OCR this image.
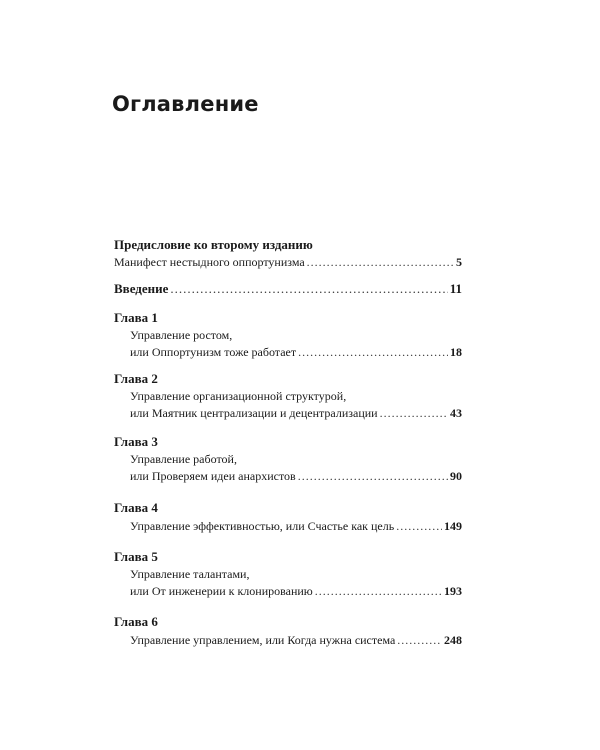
Оглавление
Предисловие ко второму изданию
Манифест нестыдного оппортунизма .....	5
Введение .....	11
Глава 1
Управление ростом,
или Оппортунизм тоже работает .....	18
Глава 2
Управление организационной структурой,
или Маятник централизации и децентрализации .....	43
Глава 3
Управление работой,
или Проверяем идеи анархистов .....	90
Глава 4
Управление эффективностью, или Счастье как цель .....	149
Глава 5
Управление талантами,
или От инженерии к клонированию .....	193
Глава 6
Управление управлением, или Когда нужна система .....	248
